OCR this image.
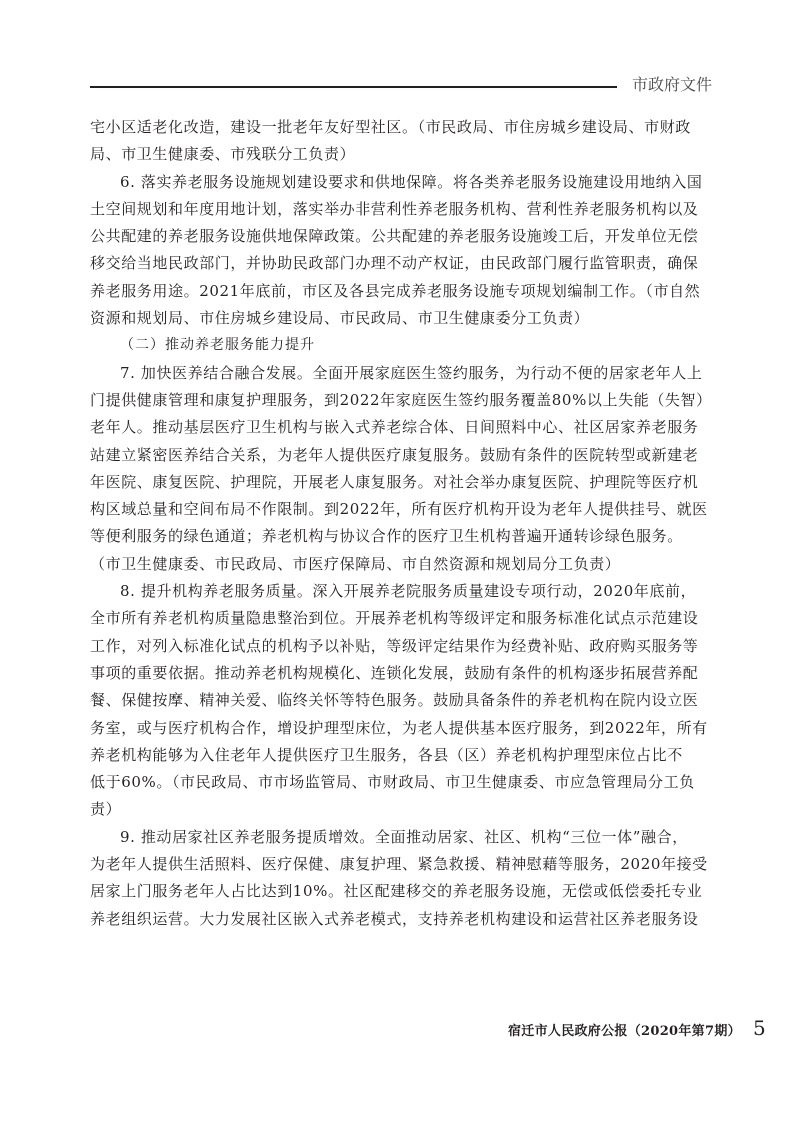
市政府文件
宅小区适老化改造，建设一批老年友好型社区。（市民政局、市住房城乡建设局、市财政
局、市卫生健康委、市残联分工负责）
6. 落实养老服务设施规划建设要求和供地保障。将各类养老服务设施建设用地纳入国
土空间规划和年度用地计划，落实举办非营利性养老服务机构、营利性养老服务机构以及
公共配建的养老服务设施供地保障政策。公共配建的养老服务设施竣工后，开发单位无偿
移交给当地民政部门，并协助民政部门办理不动产权证，由民政部门履行监管职责，确保
养老服务用途。2021年底前，市区及各县完成养老服务设施专项规划编制工作。（市自然
资源和规划局、市住房城乡建设局、市民政局、市卫生健康委分工负责）
（二）推动养老服务能力提升
7. 加快医养结合融合发展。全面开展家庭医生签约服务，为行动不便的居家老年人上
门提供健康管理和康复护理服务，到2022年家庭医生签约服务覆盖80%以上失能（失智）
老年人。推动基层医疗卫生机构与嵌入式养老综合体、日间照料中心、社区居家养老服务
站建立紧密医养结合关系，为老年人提供医疗康复服务。鼓励有条件的医院转型或新建老
年医院、康复医院、护理院，开展老人康复服务。对社会举办康复医院、护理院等医疗机
构区域总量和空间布局不作限制。到2022年，所有医疗机构开设为老年人提供挂号、就医
等便利服务的绿色通道；养老机构与协议合作的医疗卫生机构普遍开通转诊绿色服务。
（市卫生健康委、市民政局、市医疗保障局、市自然资源和规划局分工负责）
8. 提升机构养老服务质量。深入开展养老院服务质量建设专项行动，2020年底前，
全市所有养老机构质量隐患整治到位。开展养老机构等级评定和服务标准化试点示范建设
工作，对列入标准化试点的机构予以补贴，等级评定结果作为经费补贴、政府购买服务等
事项的重要依据。推动养老机构规模化、连锁化发展，鼓励有条件的机构逐步拓展营养配
餐、保健按摩、精神关爱、临终关怀等特色服务。鼓励具备条件的养老机构在院内设立医
务室，或与医疗机构合作，增设护理型床位，为老人提供基本医疗服务，到2022年，所有
养老机构能够为入住老年人提供医疗卫生服务，各县（区）养老机构护理型床位占比不
低于60%。（市民政局、市市场监管局、市财政局、市卫生健康委、市应急管理局分工负
责）
9. 推动居家社区养老服务提质增效。全面推动居家、社区、机构“三位一体”融合，
为老年人提供生活照料、医疗保健、康复护理、紧急救援、精神慰藉等服务，2020年接受
居家上门服务老年人占比达到10%。社区配建移交的养老服务设施，无偿或低偿委托专业
养老组织运营。大力发展社区嵌入式养老模式，支持养老机构建设和运营社区养老服务设
宿迁市人民政府公报（2020年第7期） 5
